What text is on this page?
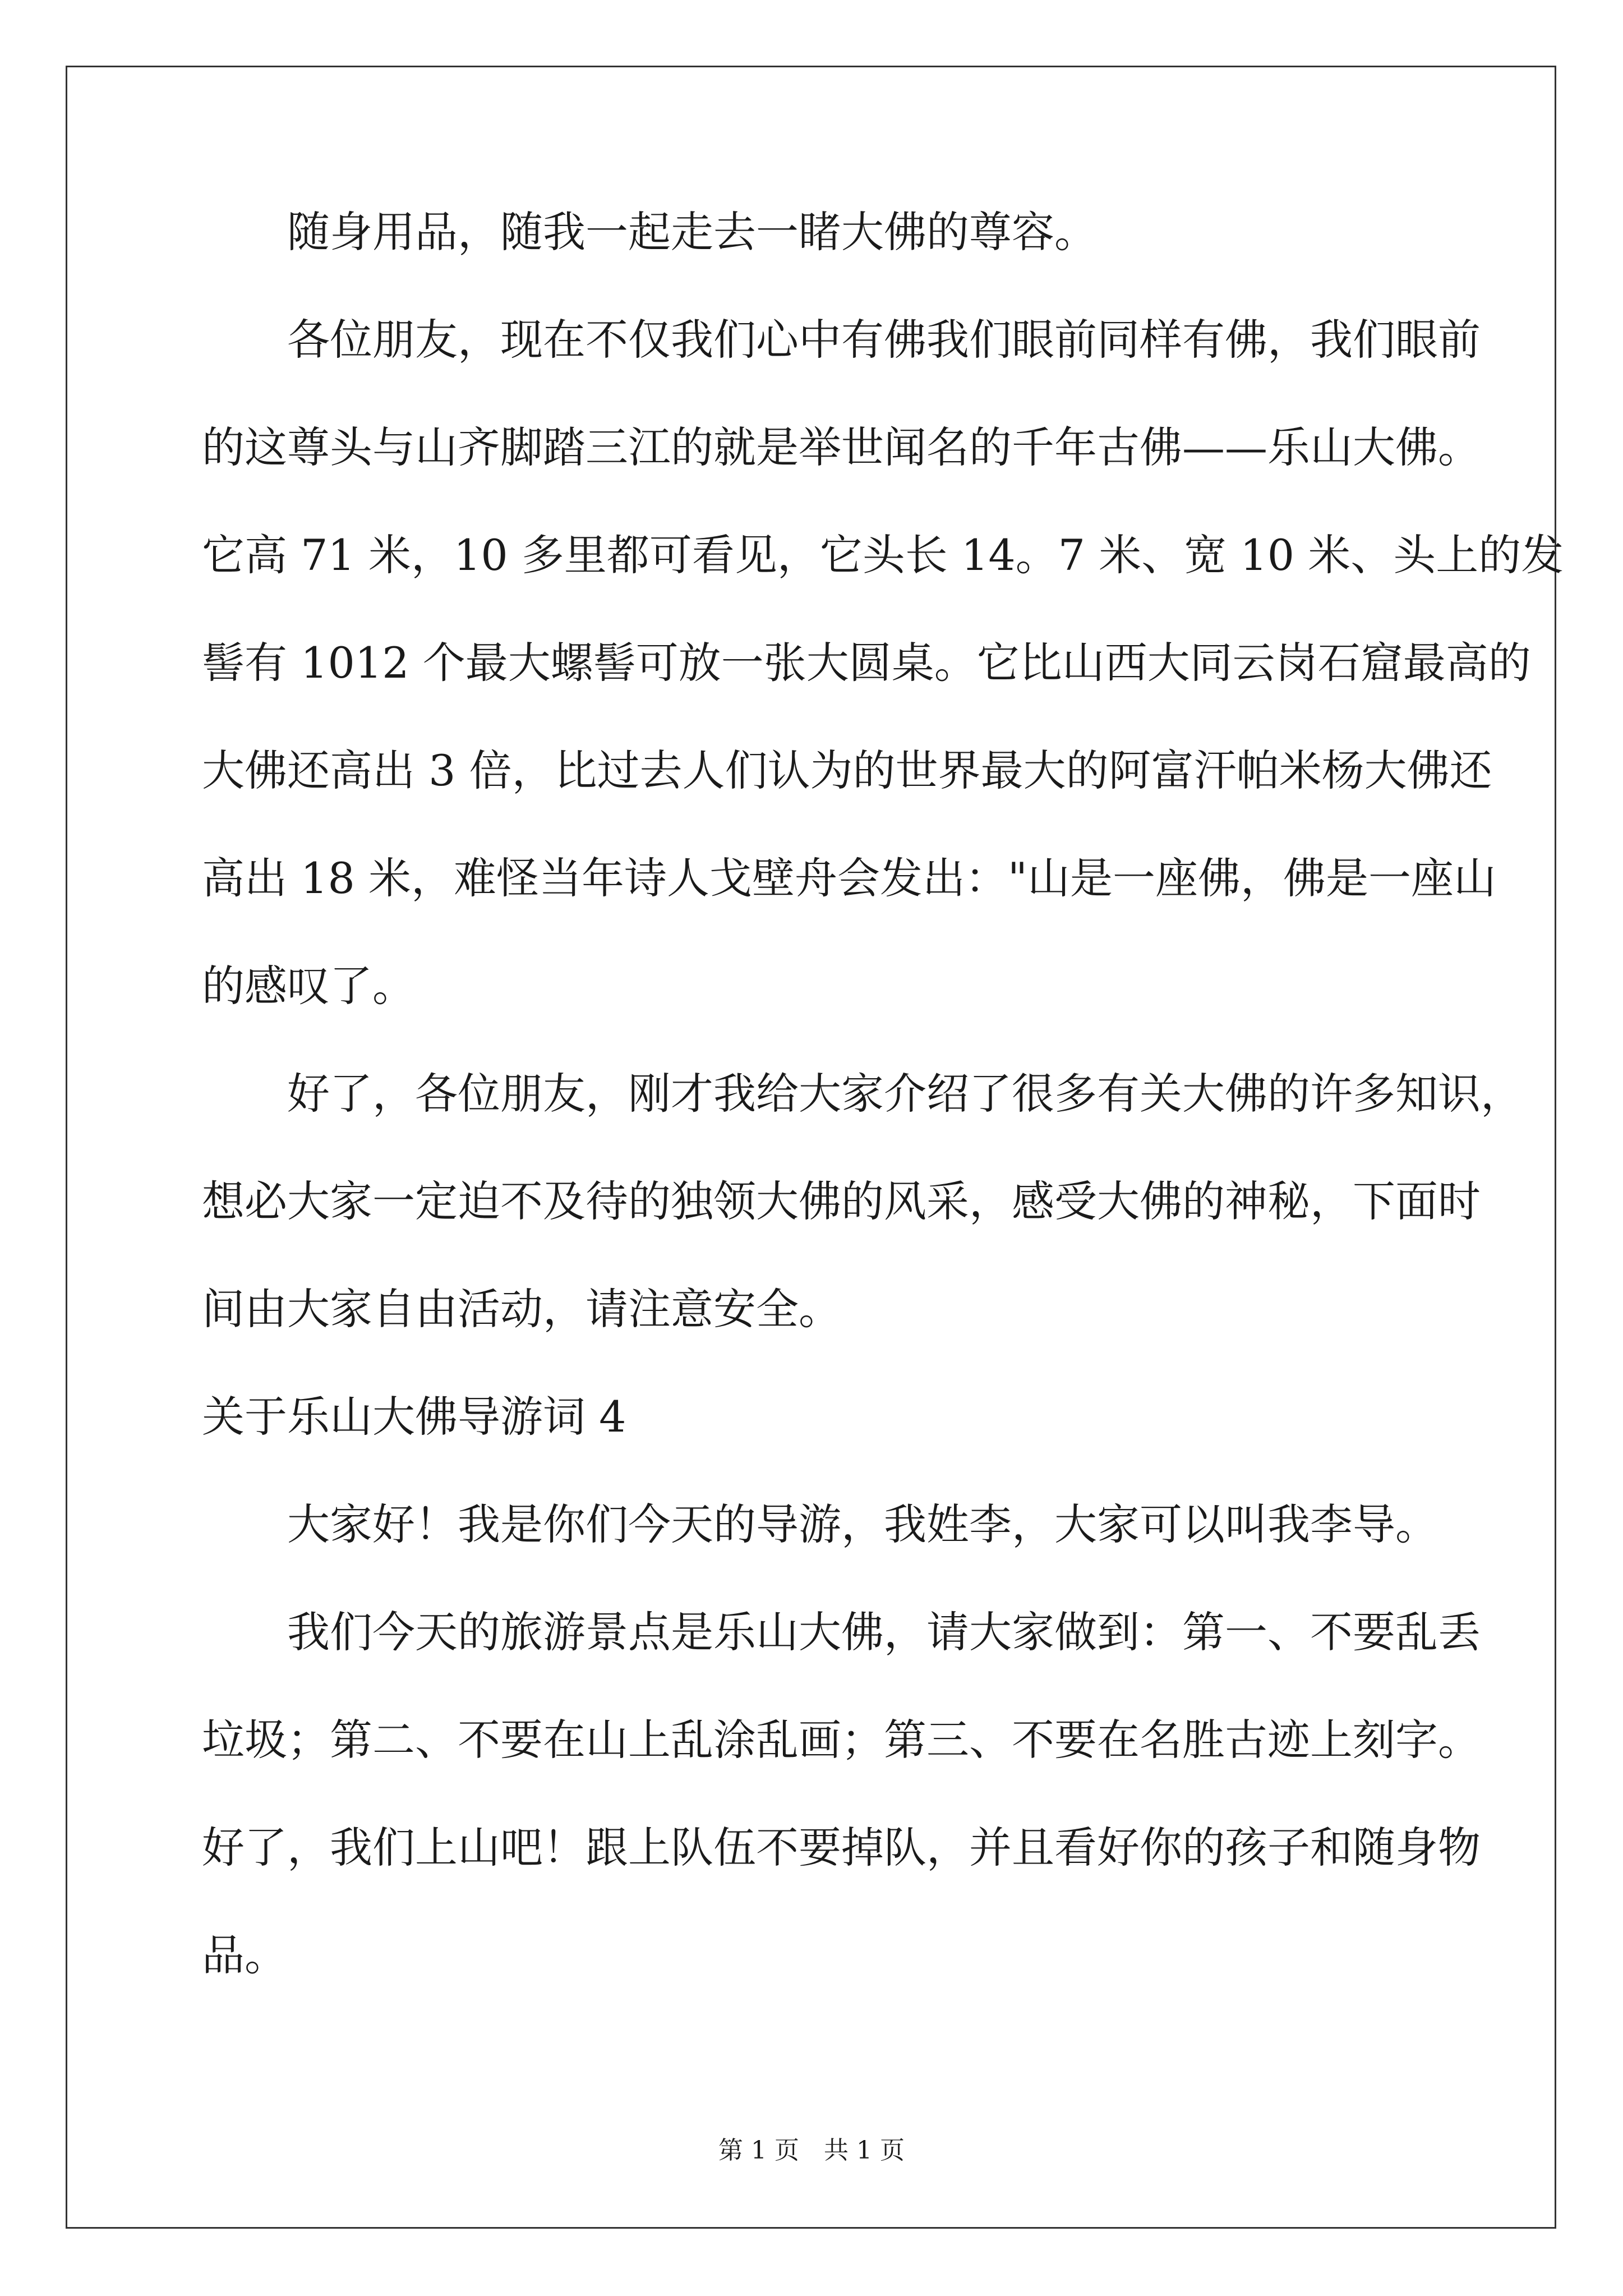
　　随身用品，随我一起走去一睹大佛的尊容。

　　各位朋友，现在不仅我们心中有佛我们眼前同样有佛，我们眼前

的这尊头与山齐脚踏三江的就是举世闻名的千年古佛——乐山大佛。

它高 71 米，10 多里都可看见，它头长 14。7 米、宽 10 米、头上的发

髻有 1012 个最大螺髻可放一张大圆桌。它比山西大同云岗石窟最高的

大佛还高出 3 倍，比过去人们认为的世界最大的阿富汗帕米杨大佛还

高出 18 米，难怪当年诗人戈壁舟会发出："山是一座佛，佛是一座山

的感叹了。

　　好了，各位朋友，刚才我给大家介绍了很多有关大佛的许多知识，

想必大家一定迫不及待的独领大佛的风采，感受大佛的神秘，下面时

间由大家自由活动，请注意安全。

关于乐山大佛导游词 4

　　大家好！我是你们今天的导游，我姓李，大家可以叫我李导。

　　我们今天的旅游景点是乐山大佛，请大家做到：第一、不要乱丢

垃圾；第二、不要在山上乱涂乱画；第三、不要在名胜古迹上刻字。

好了，我们上山吧！跟上队伍不要掉队，并且看好你的孩子和随身物

品。

第 1 页 共 1 页
